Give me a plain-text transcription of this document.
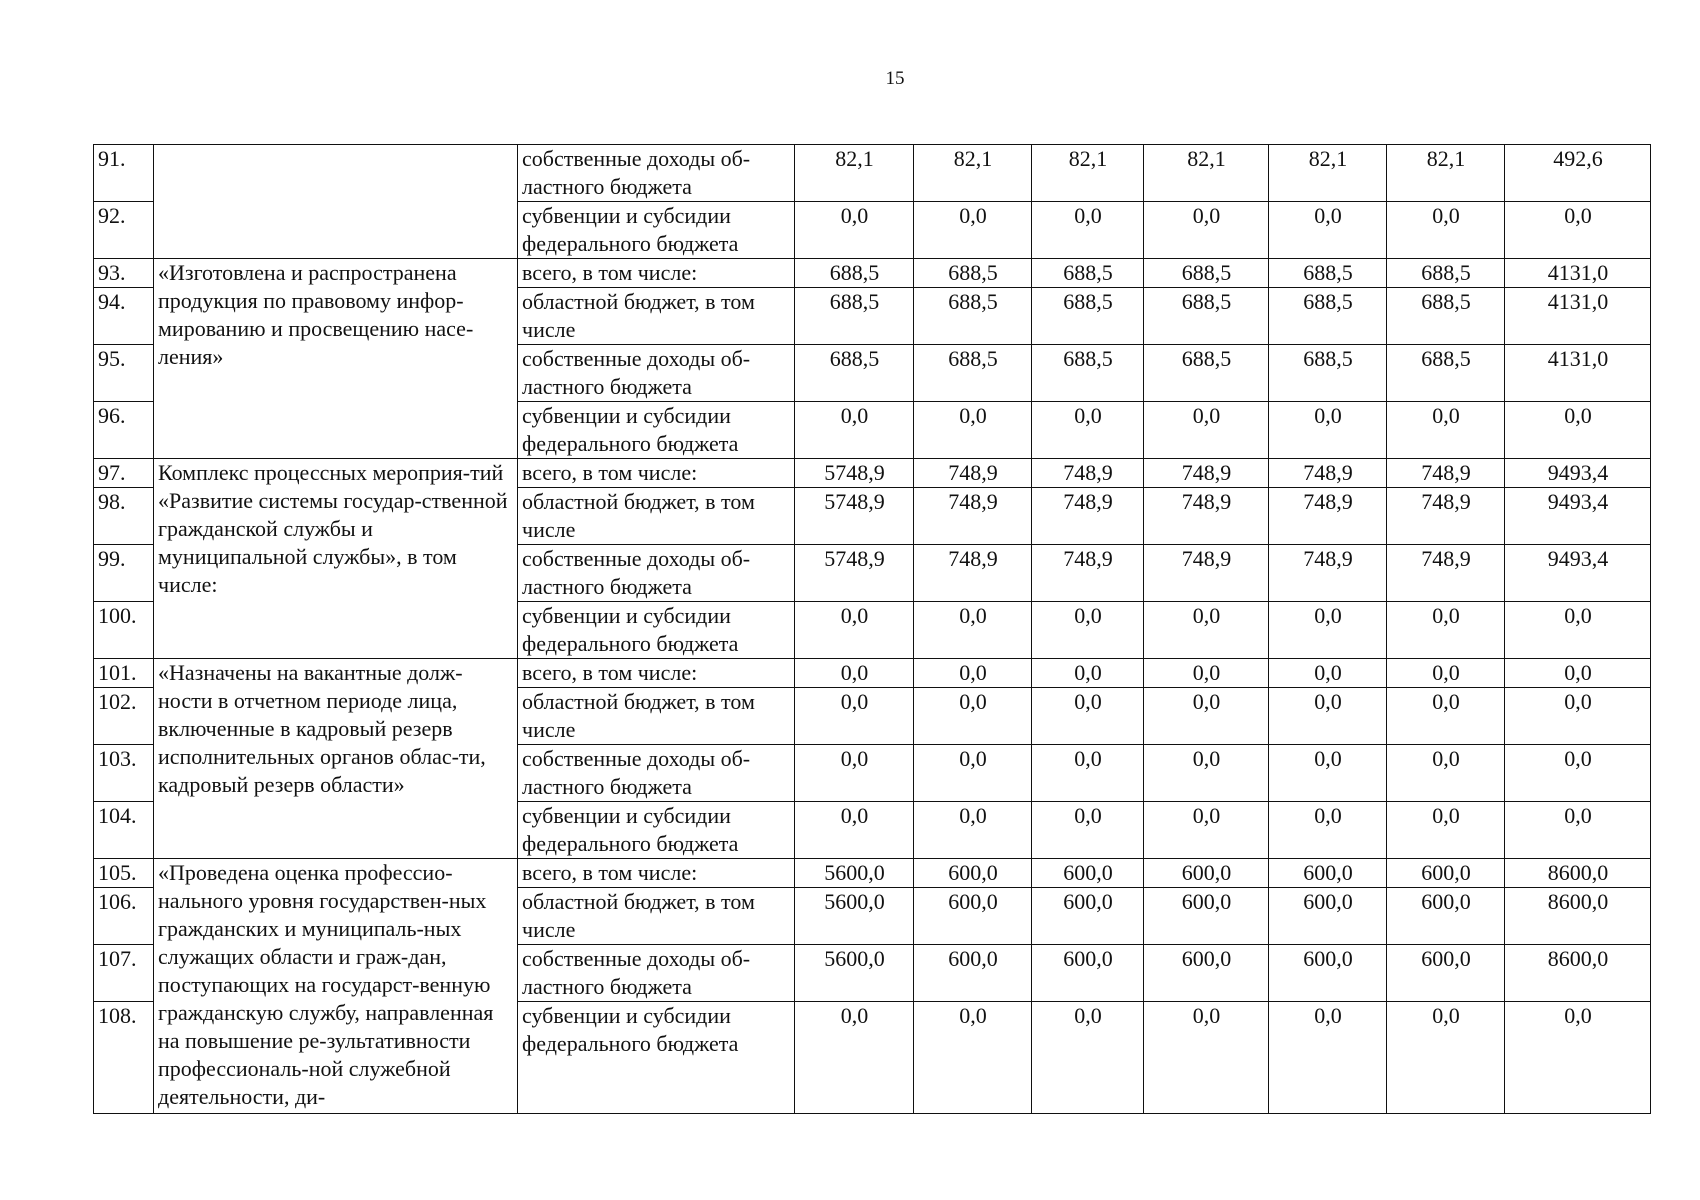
15
91.		собственные доходы об-ластного бюджета	82,1	82,1	82,1	82,1	82,1	82,1	492,6
92.		субвенции и субсидии федерального бюджета	0,0	0,0	0,0	0,0	0,0	0,0	0,0
93.	«Изготовлена и распространена продукция по правовому инфор-мированию и просвещению насе-ления»	всего, в том числе:	688,5	688,5	688,5	688,5	688,5	688,5	4131,0
94.		областной бюджет, в том числе	688,5	688,5	688,5	688,5	688,5	688,5	4131,0
95.		собственные доходы об-ластного бюджета	688,5	688,5	688,5	688,5	688,5	688,5	4131,0
96.		субвенции и субсидии федерального бюджета	0,0	0,0	0,0	0,0	0,0	0,0	0,0
97.	Комплекс процессных мероприя-тий «Развитие системы государ-ственной гражданской службы и муниципальной службы», в том числе:	всего, в том числе:	5748,9	748,9	748,9	748,9	748,9	748,9	9493,4
98.		областной бюджет, в том числе	5748,9	748,9	748,9	748,9	748,9	748,9	9493,4
99.		собственные доходы об-ластного бюджета	5748,9	748,9	748,9	748,9	748,9	748,9	9493,4
100.		субвенции и субсидии федерального бюджета	0,0	0,0	0,0	0,0	0,0	0,0	0,0
101.	«Назначены на вакантные долж-ности в отчетном периоде лица, включенные в кадровый резерв исполнительных органов облас-ти, кадровый резерв области»	всего, в том числе:	0,0	0,0	0,0	0,0	0,0	0,0	0,0
102.		областной бюджет, в том числе	0,0	0,0	0,0	0,0	0,0	0,0	0,0
103.		собственные доходы об-ластного бюджета	0,0	0,0	0,0	0,0	0,0	0,0	0,0
104.		субвенции и субсидии федерального бюджета	0,0	0,0	0,0	0,0	0,0	0,0	0,0
105.	«Проведена оценка профессио-нального уровня государствен-ных гражданских и муниципаль-ных служащих области и граж-дан, поступающих на государст-венную гражданскую службу, направленная на повышение ре-зультативности профессиональ-ной служебной деятельности, ди-	всего, в том числе:	5600,0	600,0	600,0	600,0	600,0	600,0	8600,0
106.		областной бюджет, в том числе	5600,0	600,0	600,0	600,0	600,0	600,0	8600,0
107.		собственные доходы об-ластного бюджета	5600,0	600,0	600,0	600,0	600,0	600,0	8600,0
108.		субвенции и субсидии федерального бюджета	0,0	0,0	0,0	0,0	0,0	0,0	0,0
